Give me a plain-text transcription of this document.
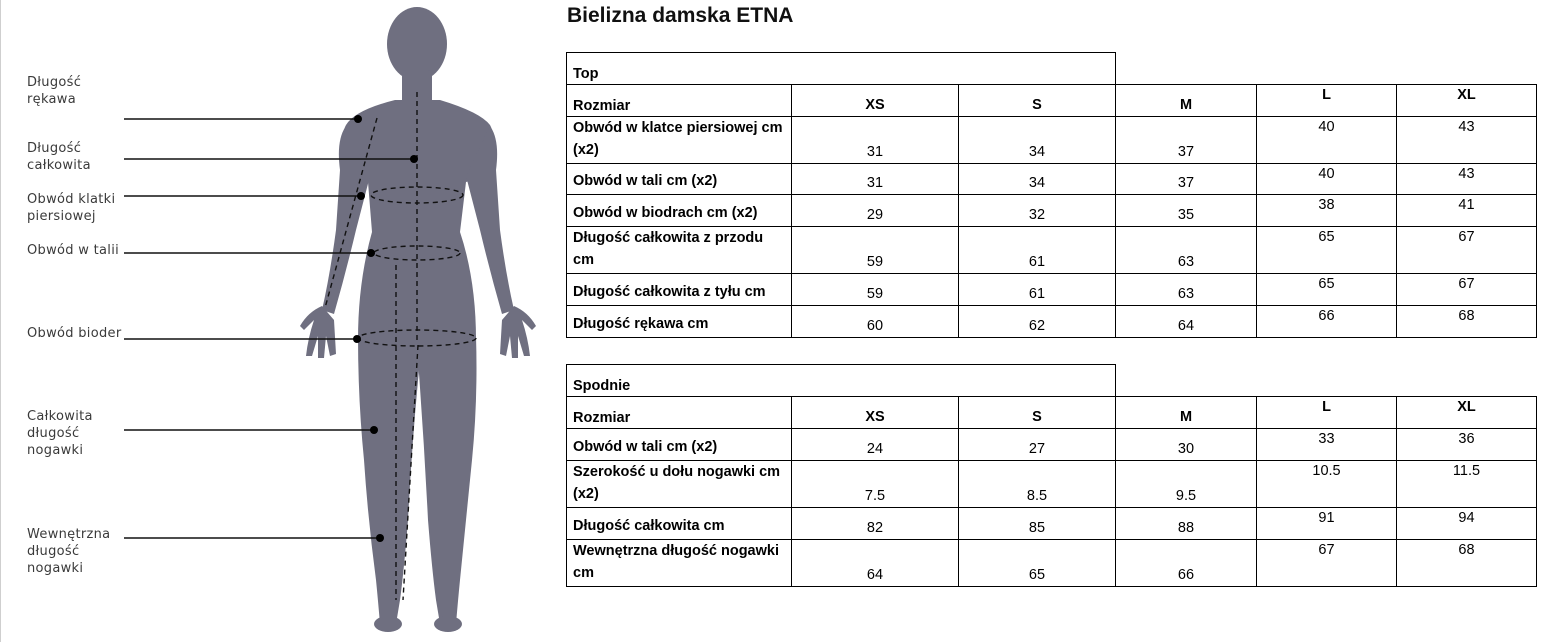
Długość
rękawa
Długość
całkowita
Obwód klatki
piersiowej
Obwód w talii
Obwód bioder
Całkowita
długość
nogawki
Wewnętrzna
długość
nogawki
Bielizna damska ETNA
Top					
Rozmiar	XS	S	M	L	XL
Obwód w klatce piersiowej cm (x2)	31	34	37	40	43
Obwód w tali cm (x2)	31	34	37	40	43
Obwód w biodrach cm (x2)	29	32	35	38	41
Długość całkowita z przodu cm	59	61	63	65	67
Długość całkowita z tyłu cm	59	61	63	65	67
Długość rękawa cm	60	62	64	66	68
Spodnie					
Rozmiar	XS	S	M	L	XL
Obwód w tali cm (x2)	24	27	30	33	36
Szerokość u dołu nogawki cm (x2)	7.5	8.5	9.5	10.5	11.5
Długość całkowita cm	82	85	88	91	94
Wewnętrzna długość nogawki cm	64	65	66	67	68
